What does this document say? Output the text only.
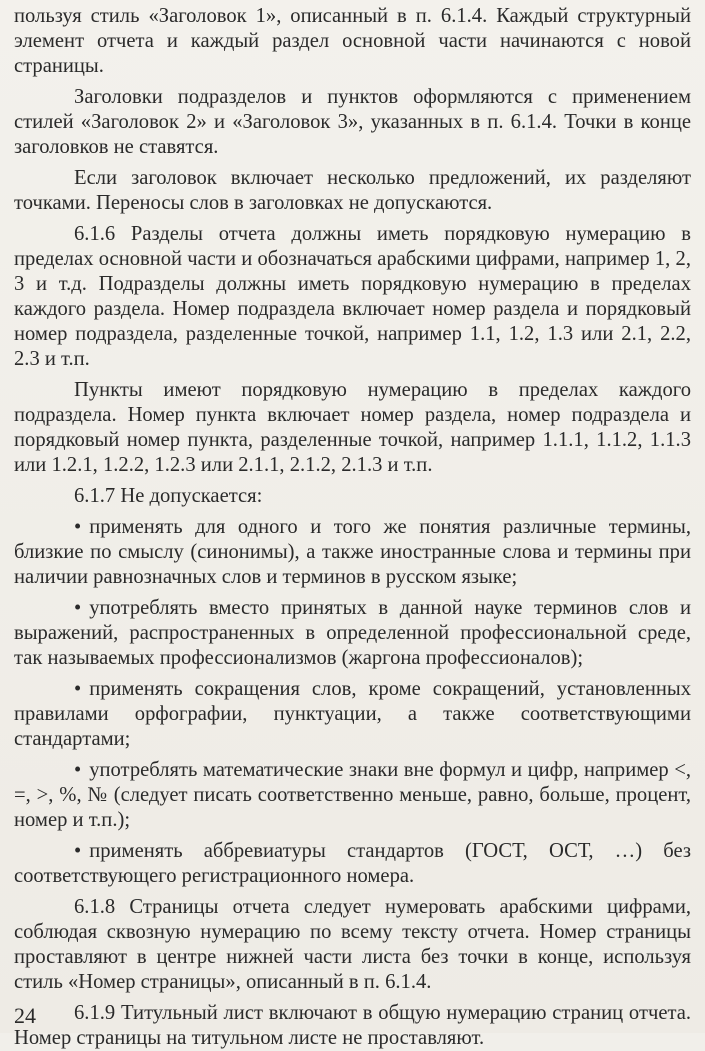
пользуя стиль «Заголовок 1», описанный в п. 6.1.4. Каждый структурный элемент отчета и каждый раздел основной части начинаются с новой страницы.

Заголовки подразделов и пунктов оформляются с применением стилей «Заголовок 2» и «Заголовок 3», указанных в п. 6.1.4. Точки в конце заголовков не ставятся.

Если заголовок включает несколько предложений, их разделяют точками. Переносы слов в заголовках не допускаются.

6.1.6 Разделы отчета должны иметь порядковую нумерацию в пределах основной части и обозначаться арабскими цифрами, например 1, 2, 3 и т.д. Подразделы должны иметь порядковую нумерацию в пределах каждого раздела. Номер подраздела включает номер раздела и порядковый номер подраздела, разделенные точкой, например 1.1, 1.2, 1.3 или 2.1, 2.2, 2.3 и т.п.

Пункты имеют порядковую нумерацию в пределах каждого подраздела. Номер пункта включает номер раздела, номер подраздела и порядковый номер пункта, разделенные точкой, например 1.1.1, 1.1.2, 1.1.3 или 1.2.1, 1.2.2, 1.2.3 или 2.1.1, 2.1.2, 2.1.3 и т.п.

6.1.7 Не допускается:

• применять для одного и того же понятия различные термины, близкие по смыслу (синонимы), а также иностранные слова и термины при наличии равнозначных слов и терминов в русском языке;

• употреблять вместо принятых в данной науке терминов слов и выражений, распространенных в определенной профессиональной среде, так называемых профессионализмов (жаргона профессионалов);

• применять сокращения слов, кроме сокращений, установленных правилами орфографии, пунктуации, а также соответствующими стандартами;

• употреблять математические знаки вне формул и цифр, например <, =, >, %, № (следует писать соответственно меньше, равно, больше, процент, номер и т.п.);

• применять аббревиатуры стандартов (ГОСТ, ОСТ, …) без соответствующего регистрационного номера.

6.1.8 Страницы отчета следует нумеровать арабскими цифрами, соблюдая сквозную нумерацию по всему тексту отчета. Номер страницы проставляют в центре нижней части листа без точки в конце, используя стиль «Номер страницы», описанный в п. 6.1.4.

6.1.9 Титульный лист включают в общую нумерацию страниц отчета. Номер страницы на титульном листе не проставляют.

24
